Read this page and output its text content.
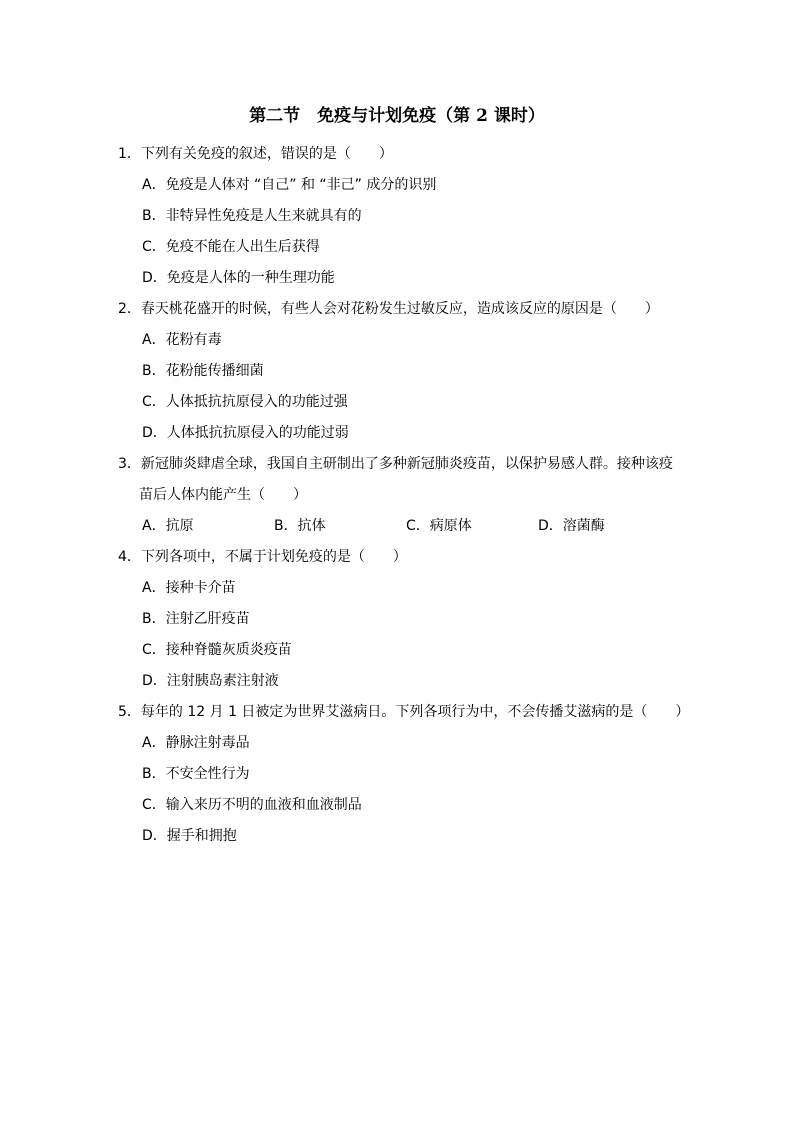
第二节　免疫与计划免疫（第 2 课时）
1．下列有关免疫的叙述，错误的是（　　）
A．免疫是人体对 “自己” 和 “非己” 成分的识别
B．非特异性免疫是人生来就具有的
C．免疫不能在人出生后获得
D．免疫是人体的一种生理功能
2．春天桃花盛开的时候，有些人会对花粉发生过敏反应，造成该反应的原因是（　　）
A．花粉有毒
B．花粉能传播细菌
C．人体抵抗抗原侵入的功能过强
D．人体抵抗抗原侵入的功能过弱
3．新冠肺炎肆虐全球，我国自主研制出了多种新冠肺炎疫苗，以保护易感人群。接种该疫
苗后人体内能产生（　　）
A．抗原	B．抗体	C．病原体	D．溶菌酶
4．下列各项中，不属于计划免疫的是（　　）
A．接种卡介苗
B．注射乙肝疫苗
C．接种脊髓灰质炎疫苗
D．注射胰岛素注射液
5．每年的 12 月 1 日被定为世界艾滋病日。下列各项行为中，不会传播艾滋病的是（　　）
A．静脉注射毒品
B．不安全性行为
C．输入来历不明的血液和血液制品
D．握手和拥抱
